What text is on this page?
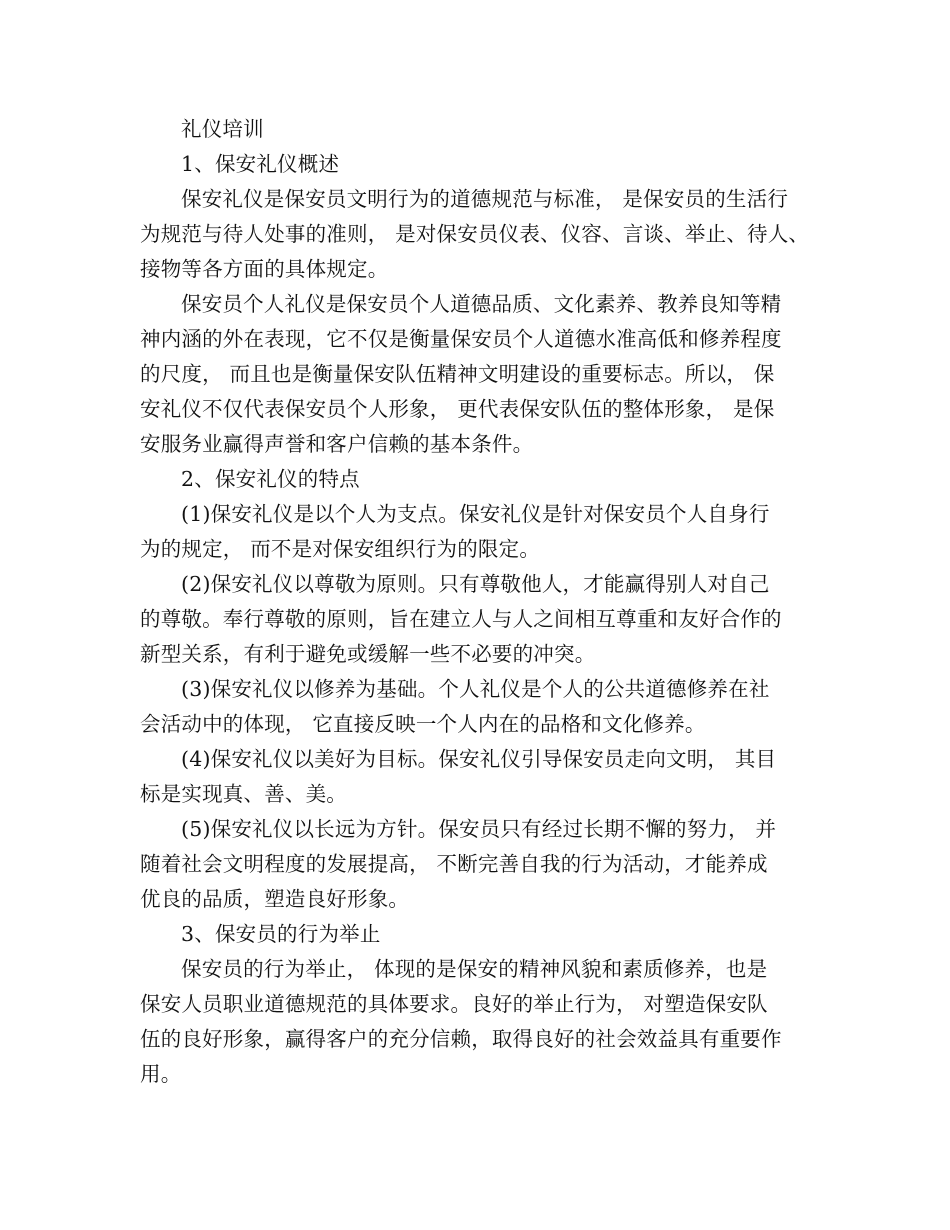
礼仪培训
1、保安礼仪概述
保安礼仪是保安员文明行为的道德规范与标准， 是保安员的生活行
为规范与待人处事的准则， 是对保安员仪表、仪容、言谈、举止、待人、
接物等各方面的具体规定。
保安员个人礼仪是保安员个人道德品质、文化素养、教养良知等精
神内涵的外在表现，它不仅是衡量保安员个人道德水准高低和修养程度
的尺度， 而且也是衡量保安队伍精神文明建设的重要标志。所以， 保
安礼仪不仅代表保安员个人形象， 更代表保安队伍的整体形象， 是保
安服务业赢得声誉和客户信赖的基本条件。
2、保安礼仪的特点
(1)保安礼仪是以个人为支点。保安礼仪是针对保安员个人自身行
为的规定， 而不是对保安组织行为的限定。
(2)保安礼仪以尊敬为原则。只有尊敬他人，才能赢得别人对自己
的尊敬。奉行尊敬的原则，旨在建立人与人之间相互尊重和友好合作的
新型关系，有利于避免或缓解一些不必要的冲突。
(3)保安礼仪以修养为基础。个人礼仪是个人的公共道德修养在社
会活动中的体现， 它直接反映一个人内在的品格和文化修养。
(4)保安礼仪以美好为目标。保安礼仪引导保安员走向文明， 其目
标是实现真、善、美。
(5)保安礼仪以长远为方针。保安员只有经过长期不懈的努力， 并
随着社会文明程度的发展提高， 不断完善自我的行为活动，才能养成
优良的品质，塑造良好形象。
3、保安员的行为举止
保安员的行为举止， 体现的是保安的精神风貌和素质修养，也是
保安人员职业道德规范的具体要求。良好的举止行为， 对塑造保安队
伍的良好形象，赢得客户的充分信赖，取得良好的社会效益具有重要作
用。
